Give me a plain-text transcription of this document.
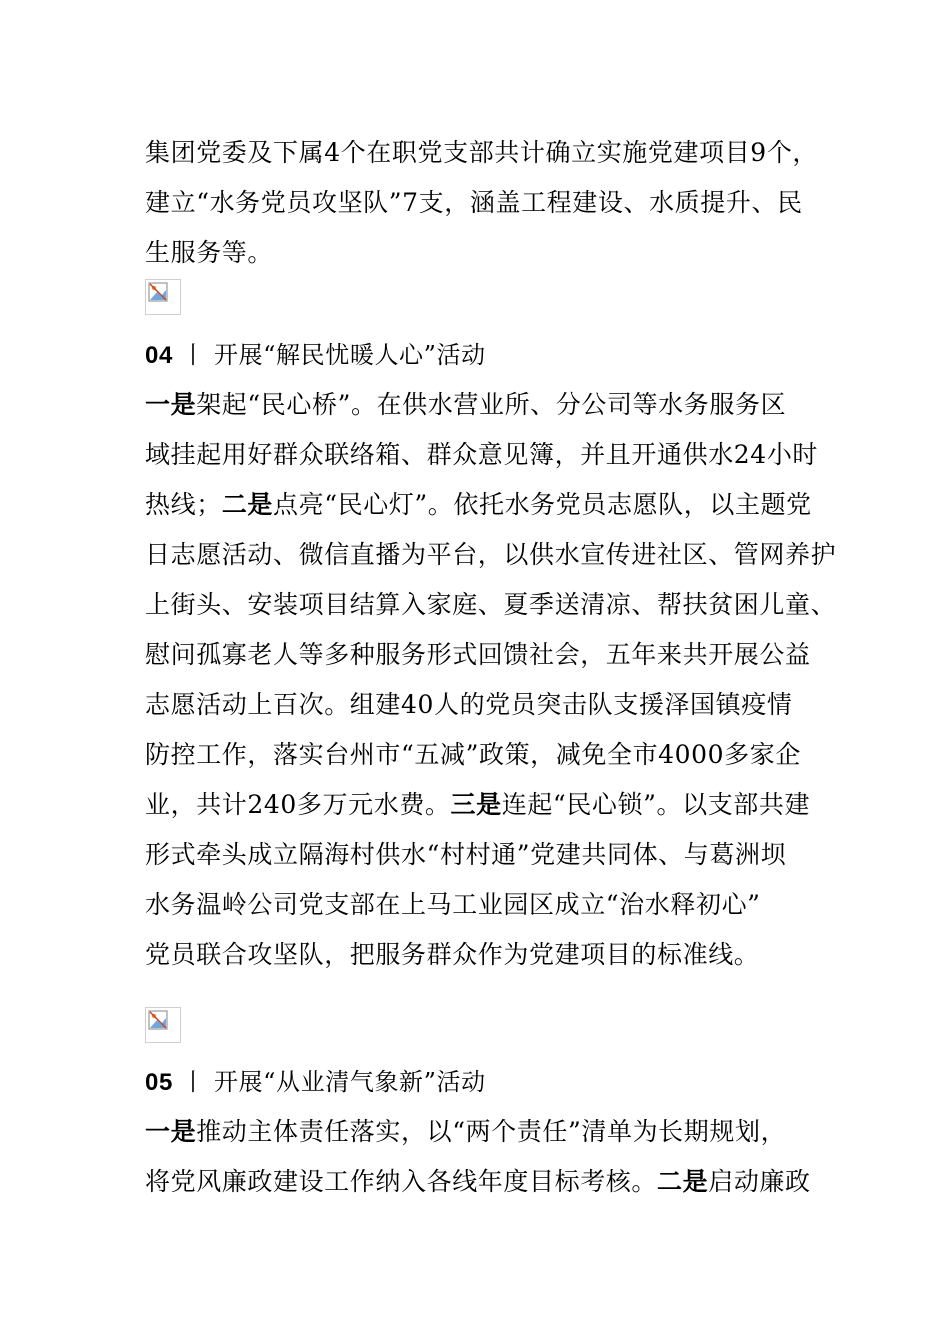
集团党委及下属4个在职党支部共计确立实施党建项目9个，
建立“水务党员攻坚队”7支，涵盖工程建设、水质提升、民
生服务等。
04 丨 开展“解民忧暖人心”活动
一是架起“民心桥”。在供水营业所、分公司等水务服务区
域挂起用好群众联络箱、群众意见簿，并且开通供水24小时
热线；二是点亮“民心灯”。依托水务党员志愿队，以主题党
日志愿活动、微信直播为平台，以供水宣传进社区、管网养护
上街头、安装项目结算入家庭、夏季送清凉、帮扶贫困儿童、
慰问孤寡老人等多种服务形式回馈社会，五年来共开展公益
志愿活动上百次。组建40人的党员突击队支援泽国镇疫情
防控工作，落实台州市“五减”政策，减免全市4000多家企
业，共计240多万元水费。三是连起“民心锁”。以支部共建
形式牵头成立隔海村供水“村村通”党建共同体、与葛洲坝
水务温岭公司党支部在上马工业园区成立“治水释初心”
党员联合攻坚队，把服务群众作为党建项目的标准线。
05 丨 开展“从业清气象新”活动
一是推动主体责任落实，以“两个责任”清单为长期规划，
将党风廉政建设工作纳入各线年度目标考核。二是启动廉政
